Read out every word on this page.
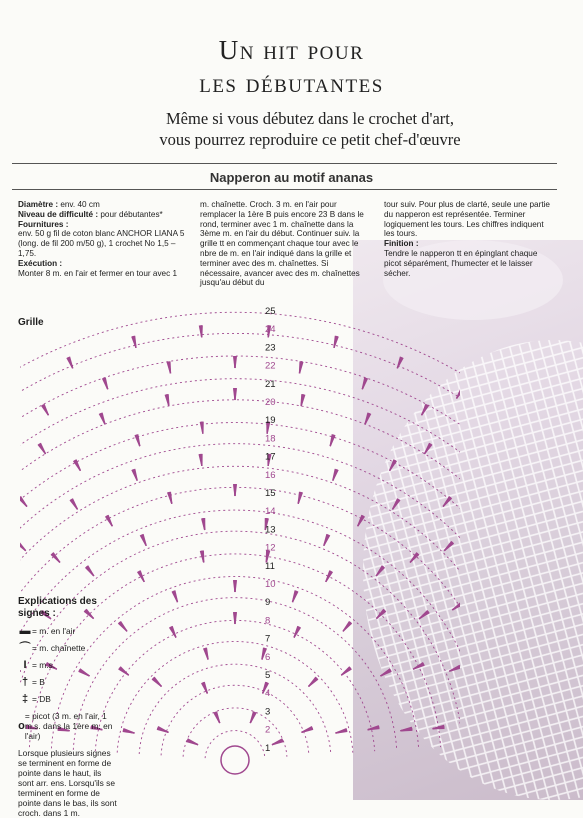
Un hit pour
les débutantes
Même si vous débutez dans le crochet d'art,
vous pourrez reproduire ce petit chef-d'œuvre
Napperon au motif ananas
Diamètre : env. 40 cm
Niveau de difficulté : pour débutantes*
Fournitures :
env. 50 g fil de coton blanc ANCHOR LIANA 5 (long. de fil 200 m/50 g), 1 crochet No 1,5 – 1,75.
Exécution :
Monter 8 m. en l'air et fermer en tour avec 1
m. chaînette. Croch. 3 m. en l'air pour remplacer la 1ère B puis encore 23 B dans le rond, terminer avec 1 m. chaînette dans la 3ème m. en l'air du début. Continuer suiv. la grille tt en commençant chaque tour avec le nbre de m. en l'air indiqué dans la grille et terminer avec des m. chaînettes. Si nécessaire, avancer avec des m. chaînettes jusqu'au début du
tour suiv. Pour plus de clarté, seule une partie du napperon est représentée. Terminer logiquement les tours. Les chiffres indiquent les tours.
Finition :
Tendre le napperon tt en épinglant chaque picot séparément, l'humecter et le laisser sécher.
Grille
25
24
23
22
21
20
19
18
17
16
15
14
13
12
11
10
9
8
7
6
5
4
3
2
1
Explications des signes :
▬ = m. en l'air
⌒ = m. chaînette
I = m.s.
† = B
‡ = DB
o
= picot (3 m. en l'air, 1 m.s. dans la 1ère m. en l'air)
Lorsque plusieurs signes se terminent en forme de pointe dans le haut, ils sont arr. ens. Lorsqu'ils se terminent en forme de pointe dans le bas, ils sont croch. dans 1 m.
